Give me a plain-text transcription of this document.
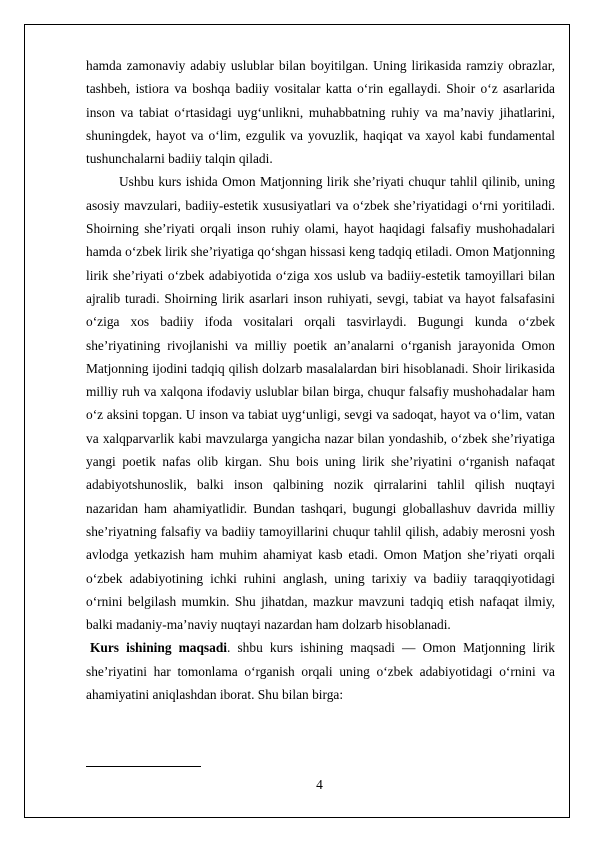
hamda zamonaviy adabiy uslublar bilan boyitilgan. Uning lirikasida ramziy obrazlar, tashbeh, istiora va boshqa badiiy vositalar katta o‘rin egallaydi. Shoir o‘z asarlarida inson va tabiat o‘rtasidagi uyg‘unlikni, muhabbatning ruhiy va ma’naviy jihatlarini, shuningdek, hayot va o‘lim, ezgulik va yovuzlik, haqiqat va xayol kabi fundamental tushunchalarni badiiy talqin qiladi.

Ushbu kurs ishida Omon Matjonning lirik she’riyati chuqur tahlil qilinib, uning asosiy mavzulari, badiiy-estetik xususiyatlari va o‘zbek she’riyatidagi o‘rni yoritiladi. Shoirning she’riyati orqali inson ruhiy olami, hayot haqidagi falsafiy mushohadalari hamda o‘zbek lirik she’riyatiga qo‘shgan hissasi keng tadqiq etiladi. Omon Matjonning lirik she’riyati o‘zbek adabiyotida o‘ziga xos uslub va badiiy-estetik tamoyillari bilan ajralib turadi. Shoirning lirik asarlari inson ruhiyati, sevgi, tabiat va hayot falsafasini o‘ziga xos badiiy ifoda vositalari orqali tasvirlaydi. Bugungi kunda o‘zbek she’riyatining rivojlanishi va milliy poetik an’analarni o‘rganish jarayonida Omon Matjonning ijodini tadqiq qilish dolzarb masalalardan biri hisoblanadi. Shoir lirikasida milliy ruh va xalqona ifodaviy uslublar bilan birga, chuqur falsafiy mushohadalar ham o‘z aksini topgan. U inson va tabiat uyg‘unligi, sevgi va sadoqat, hayot va o‘lim, vatan va xalqparvarlik kabi mavzularga yangicha nazar bilan yondashib, o‘zbek she’riyatiga yangi poetik nafas olib kirgan. Shu bois uning lirik she’riyatini o‘rganish nafaqat adabiyotshunoslik, balki inson qalbining nozik qirralarini tahlil qilish nuqtayi nazaridan ham ahamiyatlidir. Bundan tashqari, bugungi globallashuv davrida milliy she’riyatning falsafiy va badiiy tamoyillarini chuqur tahlil qilish, adabiy merosni yosh avlodga yetkazish ham muhim ahamiyat kasb etadi. Omon Matjon she’riyati orqali o‘zbek adabiyotining ichki ruhini anglash, uning tarixiy va badiiy taraqqiyotidagi o‘rnini belgilash mumkin. Shu jihatdan, mazkur mavzuni tadqiq etish nafaqat ilmiy, balki madaniy-ma’naviy nuqtayi nazardan ham dolzarb hisoblanadi.

Kurs ishining maqsadi. shbu kurs ishining maqsadi — Omon Matjonning lirik she’riyatini har tomonlama o‘rganish orqali uning o‘zbek adabiyotidagi o‘rnini va ahamiyatini aniqlashdan iborat. Shu bilan birga:

4
